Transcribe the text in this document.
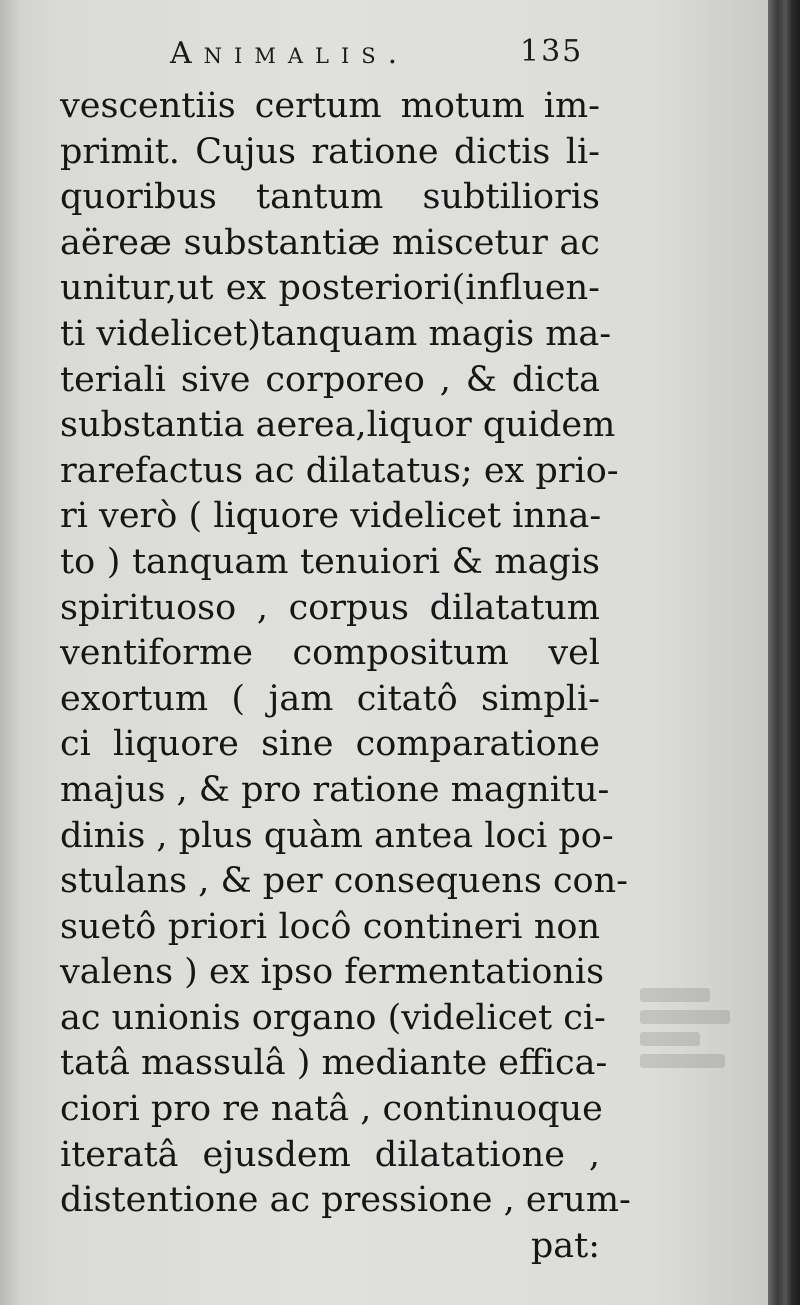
Animalis.	135
vescentiis certum motum im-
primit. Cujus ratione dictis li-
quoribus tantum subtilioris
aëreæ substantiæ miscetur ac
unitur,ut ex posteriori(influen-
ti videlicet)tanquam magis ma-
teriali sive corporeo , & dicta
substantia aerea,liquor quidem
rarefactus ac dilatatus; ex prio-
ri verò ( liquore videlicet inna-
to ) tanquam tenuiori & magis
spirituoso , corpus dilatatum
ventiforme compositum vel
exortum ( jam citatô simpli-
ci liquore sine comparatione
majus , & pro ratione magnitu-
dinis , plus quàm antea loci po-
stulans , & per consequens con-
suetô priori locô contineri non
valens ) ex ipso fermentationis
ac unionis organo (videlicet ci-
tatâ massulâ ) mediante effica-
ciori pro re natâ , continuoque
iteratâ ejusdem dilatatione ,
distentione ac pressione , erum-
pat:
